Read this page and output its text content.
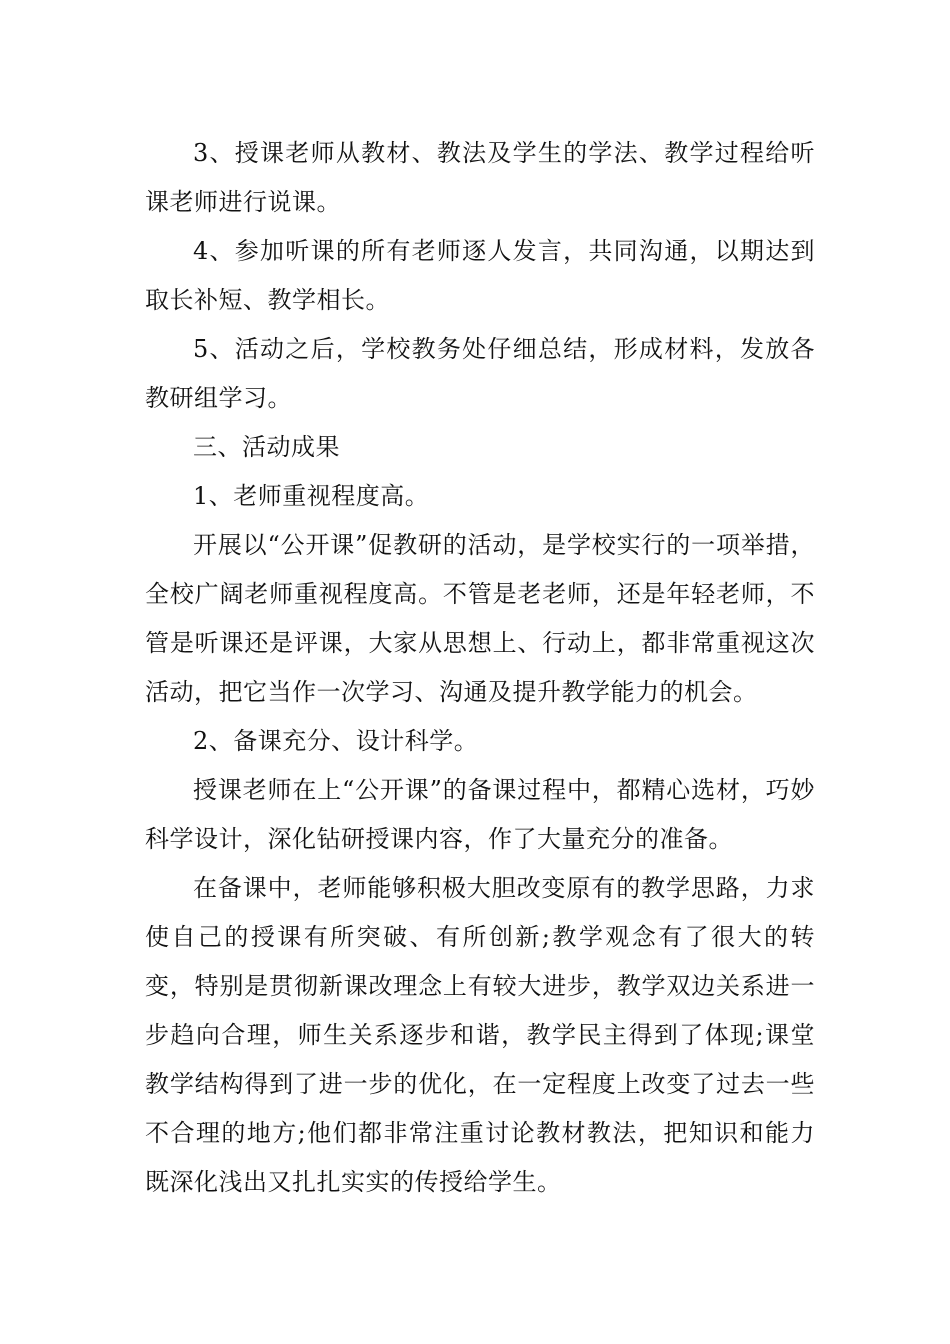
3、授课老师从教材、教法及学生的学法、教学过程给听课老师进行说课。

4、参加听课的所有老师逐人发言，共同沟通，以期达到取长补短、教学相长。

5、活动之后，学校教务处仔细总结，形成材料，发放各教研组学习。

三、活动成果

1、老师重视程度高。

开展以“公开课”促教研的活动，是学校实行的一项举措，全校广阔老师重视程度高。不管是老老师，还是年轻老师，不管是听课还是评课，大家从思想上、行动上，都非常重视这次活动，把它当作一次学习、沟通及提升教学能力的机会。

2、备课充分、设计科学。

授课老师在上“公开课”的备课过程中，都精心选材，巧妙科学设计，深化钻研授课内容，作了大量充分的准备。

在备课中，老师能够积极大胆改变原有的教学思路，力求使自己的授课有所突破、有所创新;教学观念有了很大的转变，特别是贯彻新课改理念上有较大进步，教学双边关系进一步趋向合理，师生关系逐步和谐，教学民主得到了体现;课堂教学结构得到了进一步的优化，在一定程度上改变了过去一些不合理的地方;他们都非常注重讨论教材教法，把知识和能力既深化浅出又扎扎实实的传授给学生。
